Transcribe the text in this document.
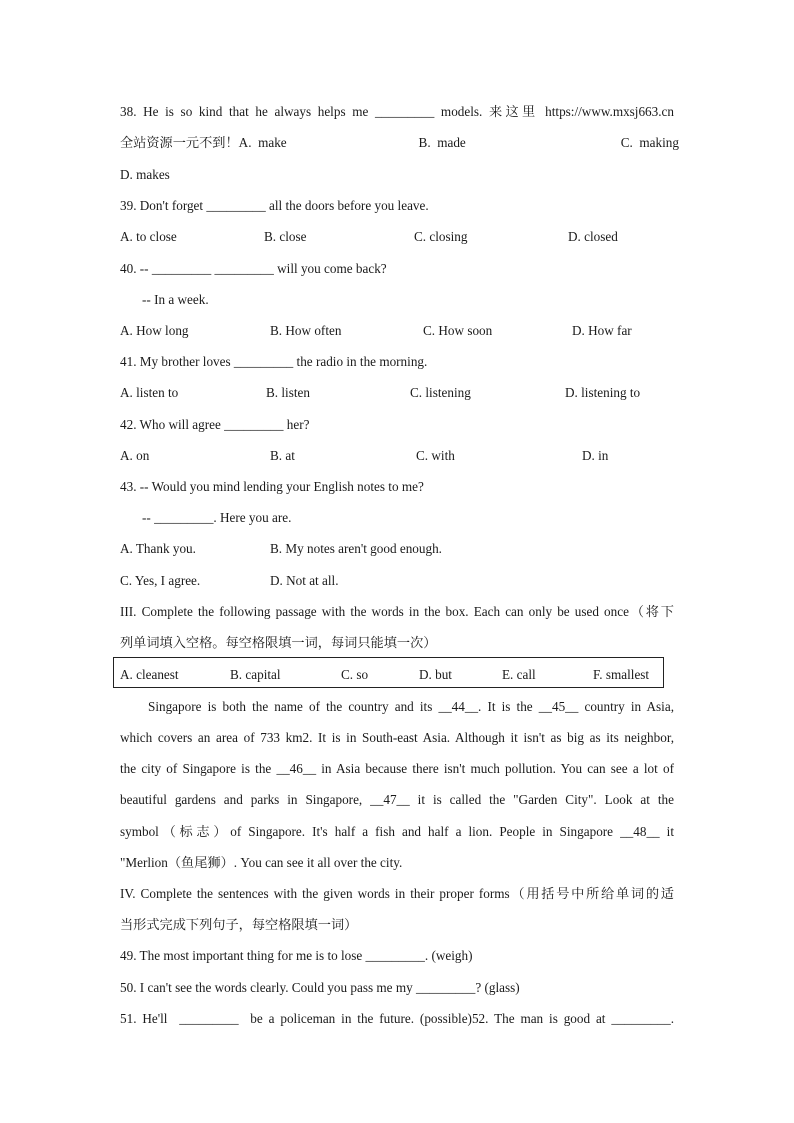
38. He is so kind that he always helps me _________ models. 来这里 https://www.mxsj663.cn
全站资源一元不到！A.  make                                        B.  made                                               C.  making
D. makes
39. Don't forget _________ all the doors before you leave.
A. to close	B. close	C. closing	D. closed
40. -- _________ _________ will you come back?
-- In a week.
A. How long	B. How often	C. How soon	D. How far
41. My brother loves _________ the radio in the morning.
A. listen to	B. listen	C. listening	D. listening to
42. Who will agree _________ her?
A. on	B. at	C. with	D. in
43. -- Would you mind lending your English notes to me?
-- _________. Here you are.
A. Thank you.	B. My notes aren't good enough.
C. Yes, I agree.	D. Not at all.
III. Complete the following passage with the words in the box. Each can only be used once（将下
列单词填入空格。每空格限填一词，每词只能填一次）
A. cleanest	B. capital	C. so	D. but	E. call	F. smallest
Singapore is both the name of the country and its __44__. It is the __45__ country in Asia,
which covers an area of 733 km2. It is in South-east Asia. Although it isn't as big as its neighbor,
the city of Singapore is the __46__ in Asia because there isn't much pollution. You can see a lot of
beautiful  gardens  and  parks  in  Singapore,  __47__  it  is  called  the  "Garden  City".  Look  at  the
symbol（标志）of Singapore. It's half a fish and half a lion. People in Singapore __48__ it
"Merlion（鱼尾狮）. You can see it all over the city.
IV. Complete the sentences with the given words in their proper forms（用括号中所给单词的适
当形式完成下列句子，每空格限填一词）
49. The most important thing for me is to lose _________. (weigh)
50. I can't see the words clearly. Could you pass me my _________? (glass)
51. He'll  _________  be a policeman in the future. (possible)52. The man is good at _________.
